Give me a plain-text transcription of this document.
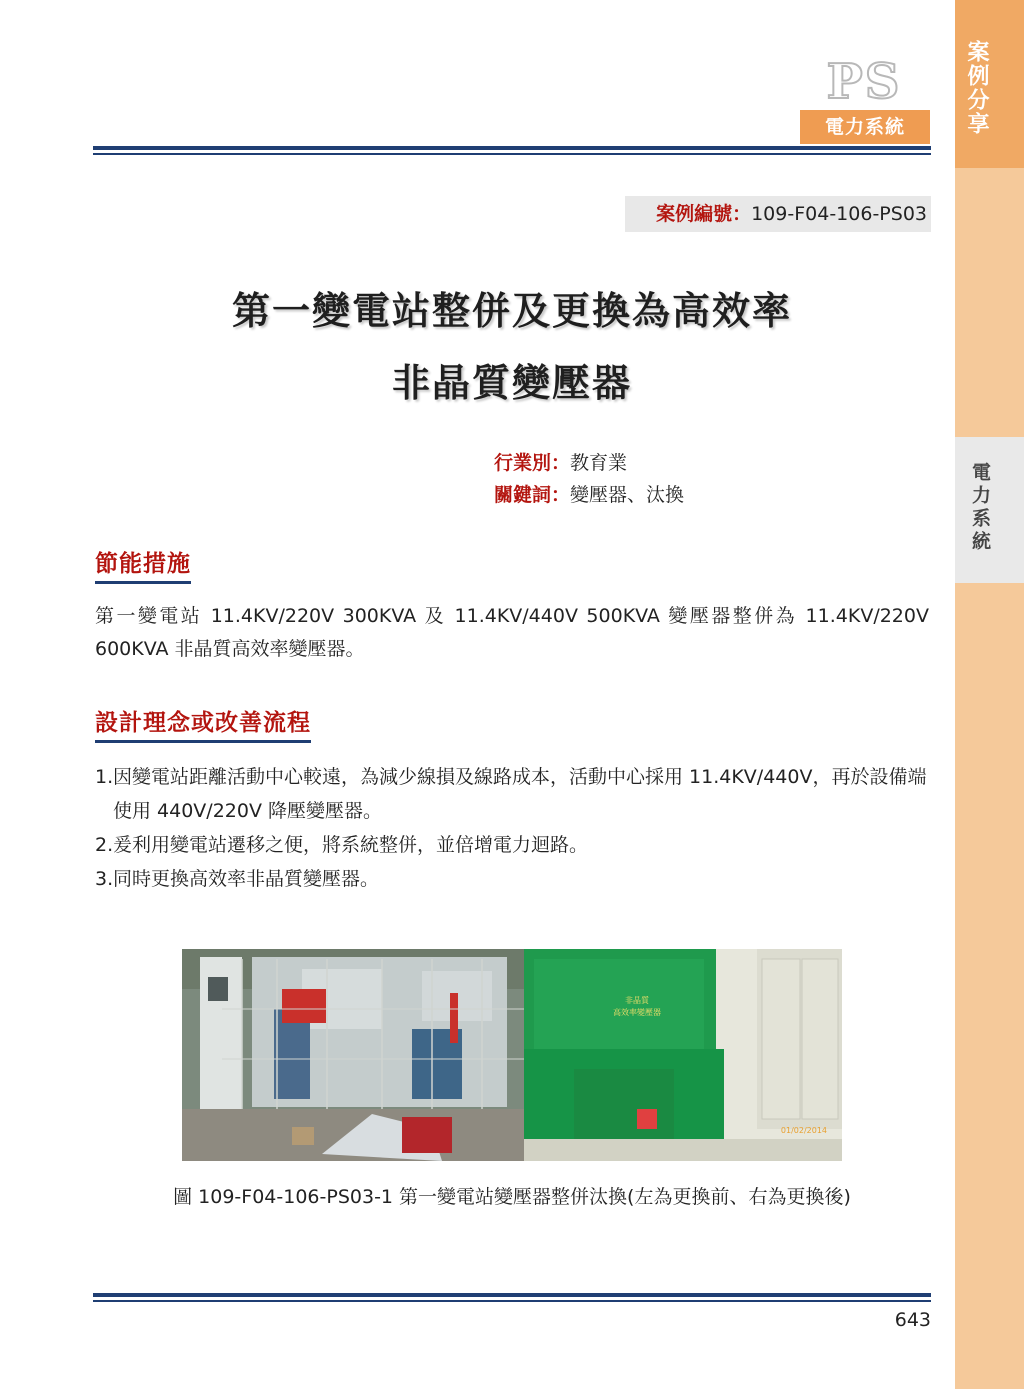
案例分享
電力系統
PS
電力系統
案例編號：109-F04-106-PS03
第一變電站整併及更換為高效率
非晶質變壓器
行業別：教育業
關鍵詞：變壓器、汰換
節能措施
第一變電站 11.4KV/220V 300KVA 及 11.4KV/440V 500KVA 變壓器整併為 11.4KV/220V 600KVA 非晶質高效率變壓器。
設計理念或改善流程
1. 因變電站距離活動中心較遠，為減少線損及線路成本，活動中心採用 11.4KV/440V，再於設備端使用 440V/220V 降壓變壓器。
2. 爰利用變電站遷移之便，將系統整併，並倍增電力迴路。
3. 同時更換高效率非晶質變壓器。
非晶質
高效率變壓器
01/02/2014
圖 109-F04-106-PS03-1 第一變電站變壓器整併汰換(左為更換前、右為更換後)
643
